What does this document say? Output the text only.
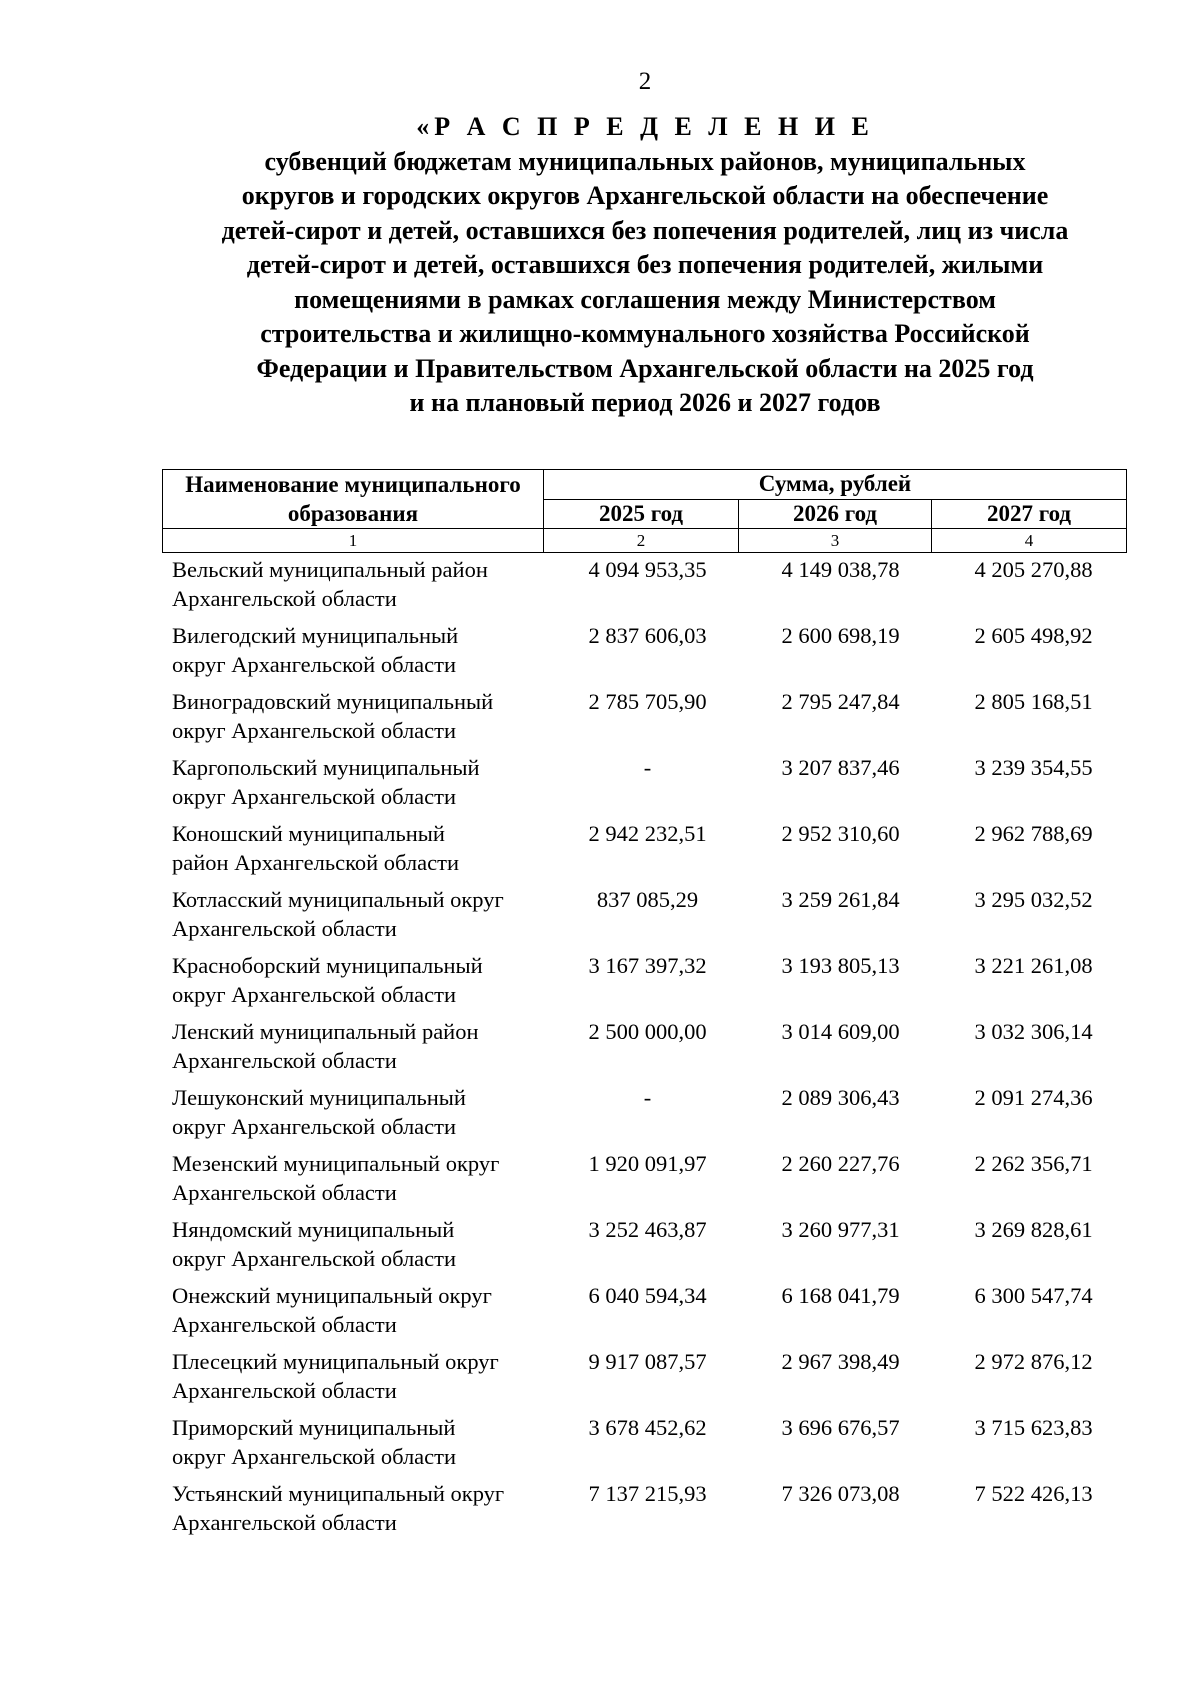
2
«Р А С П Р Е Д Е Л Е Н И Е
субвенций бюджетам муниципальных районов, муниципальных
округов и городских округов Архангельской области на обеспечение
детей-сирот и детей, оставшихся без попечения родителей, лиц из числа
детей-сирот и детей, оставшихся без попечения родителей, жилыми
помещениями в рамках соглашения между Министерством
строительства и жилищно-коммунального хозяйства Российской
Федерации и Правительством Архангельской области на 2025 год
и на плановый период 2026 и 2027 годов
Наименование муниципального образования	Сумма, рублей		
	2025 год	2026 год	2027 год
1	2	3	4
Вельский муниципальный район
Архангельской области
4 094 953,35	4 149 038,78	4 205 270,88
Вилегодский муниципальный
округ Архангельской области
2 837 606,03	2 600 698,19	2 605 498,92
Виноградовский муниципальный
округ Архангельской области
2 785 705,90	2 795 247,84	2 805 168,51
Каргопольский муниципальный
округ Архангельской области
-	3 207 837,46	3 239 354,55
Коношский муниципальный
район Архангельской области
2 942 232,51	2 952 310,60	2 962 788,69
Котласский муниципальный округ
Архангельской области
837 085,29	3 259 261,84	3 295 032,52
Красноборский муниципальный
округ Архангельской области
3 167 397,32	3 193 805,13	3 221 261,08
Ленский муниципальный район
Архангельской области
2 500 000,00	3 014 609,00	3 032 306,14
Лешуконский муниципальный
округ Архангельской области
-	2 089 306,43	2 091 274,36
Мезенский муниципальный округ
Архангельской области
1 920 091,97	2 260 227,76	2 262 356,71
Няндомский муниципальный
округ Архангельской области
3 252 463,87	3 260 977,31	3 269 828,61
Онежский муниципальный округ
Архангельской области
6 040 594,34	6 168 041,79	6 300 547,74
Плесецкий муниципальный округ
Архангельской области
9 917 087,57	2 967 398,49	2 972 876,12
Приморский муниципальный
округ Архангельской области
3 678 452,62	3 696 676,57	3 715 623,83
Устьянский муниципальный округ
Архангельской области
7 137 215,93	7 326 073,08	7 522 426,13
